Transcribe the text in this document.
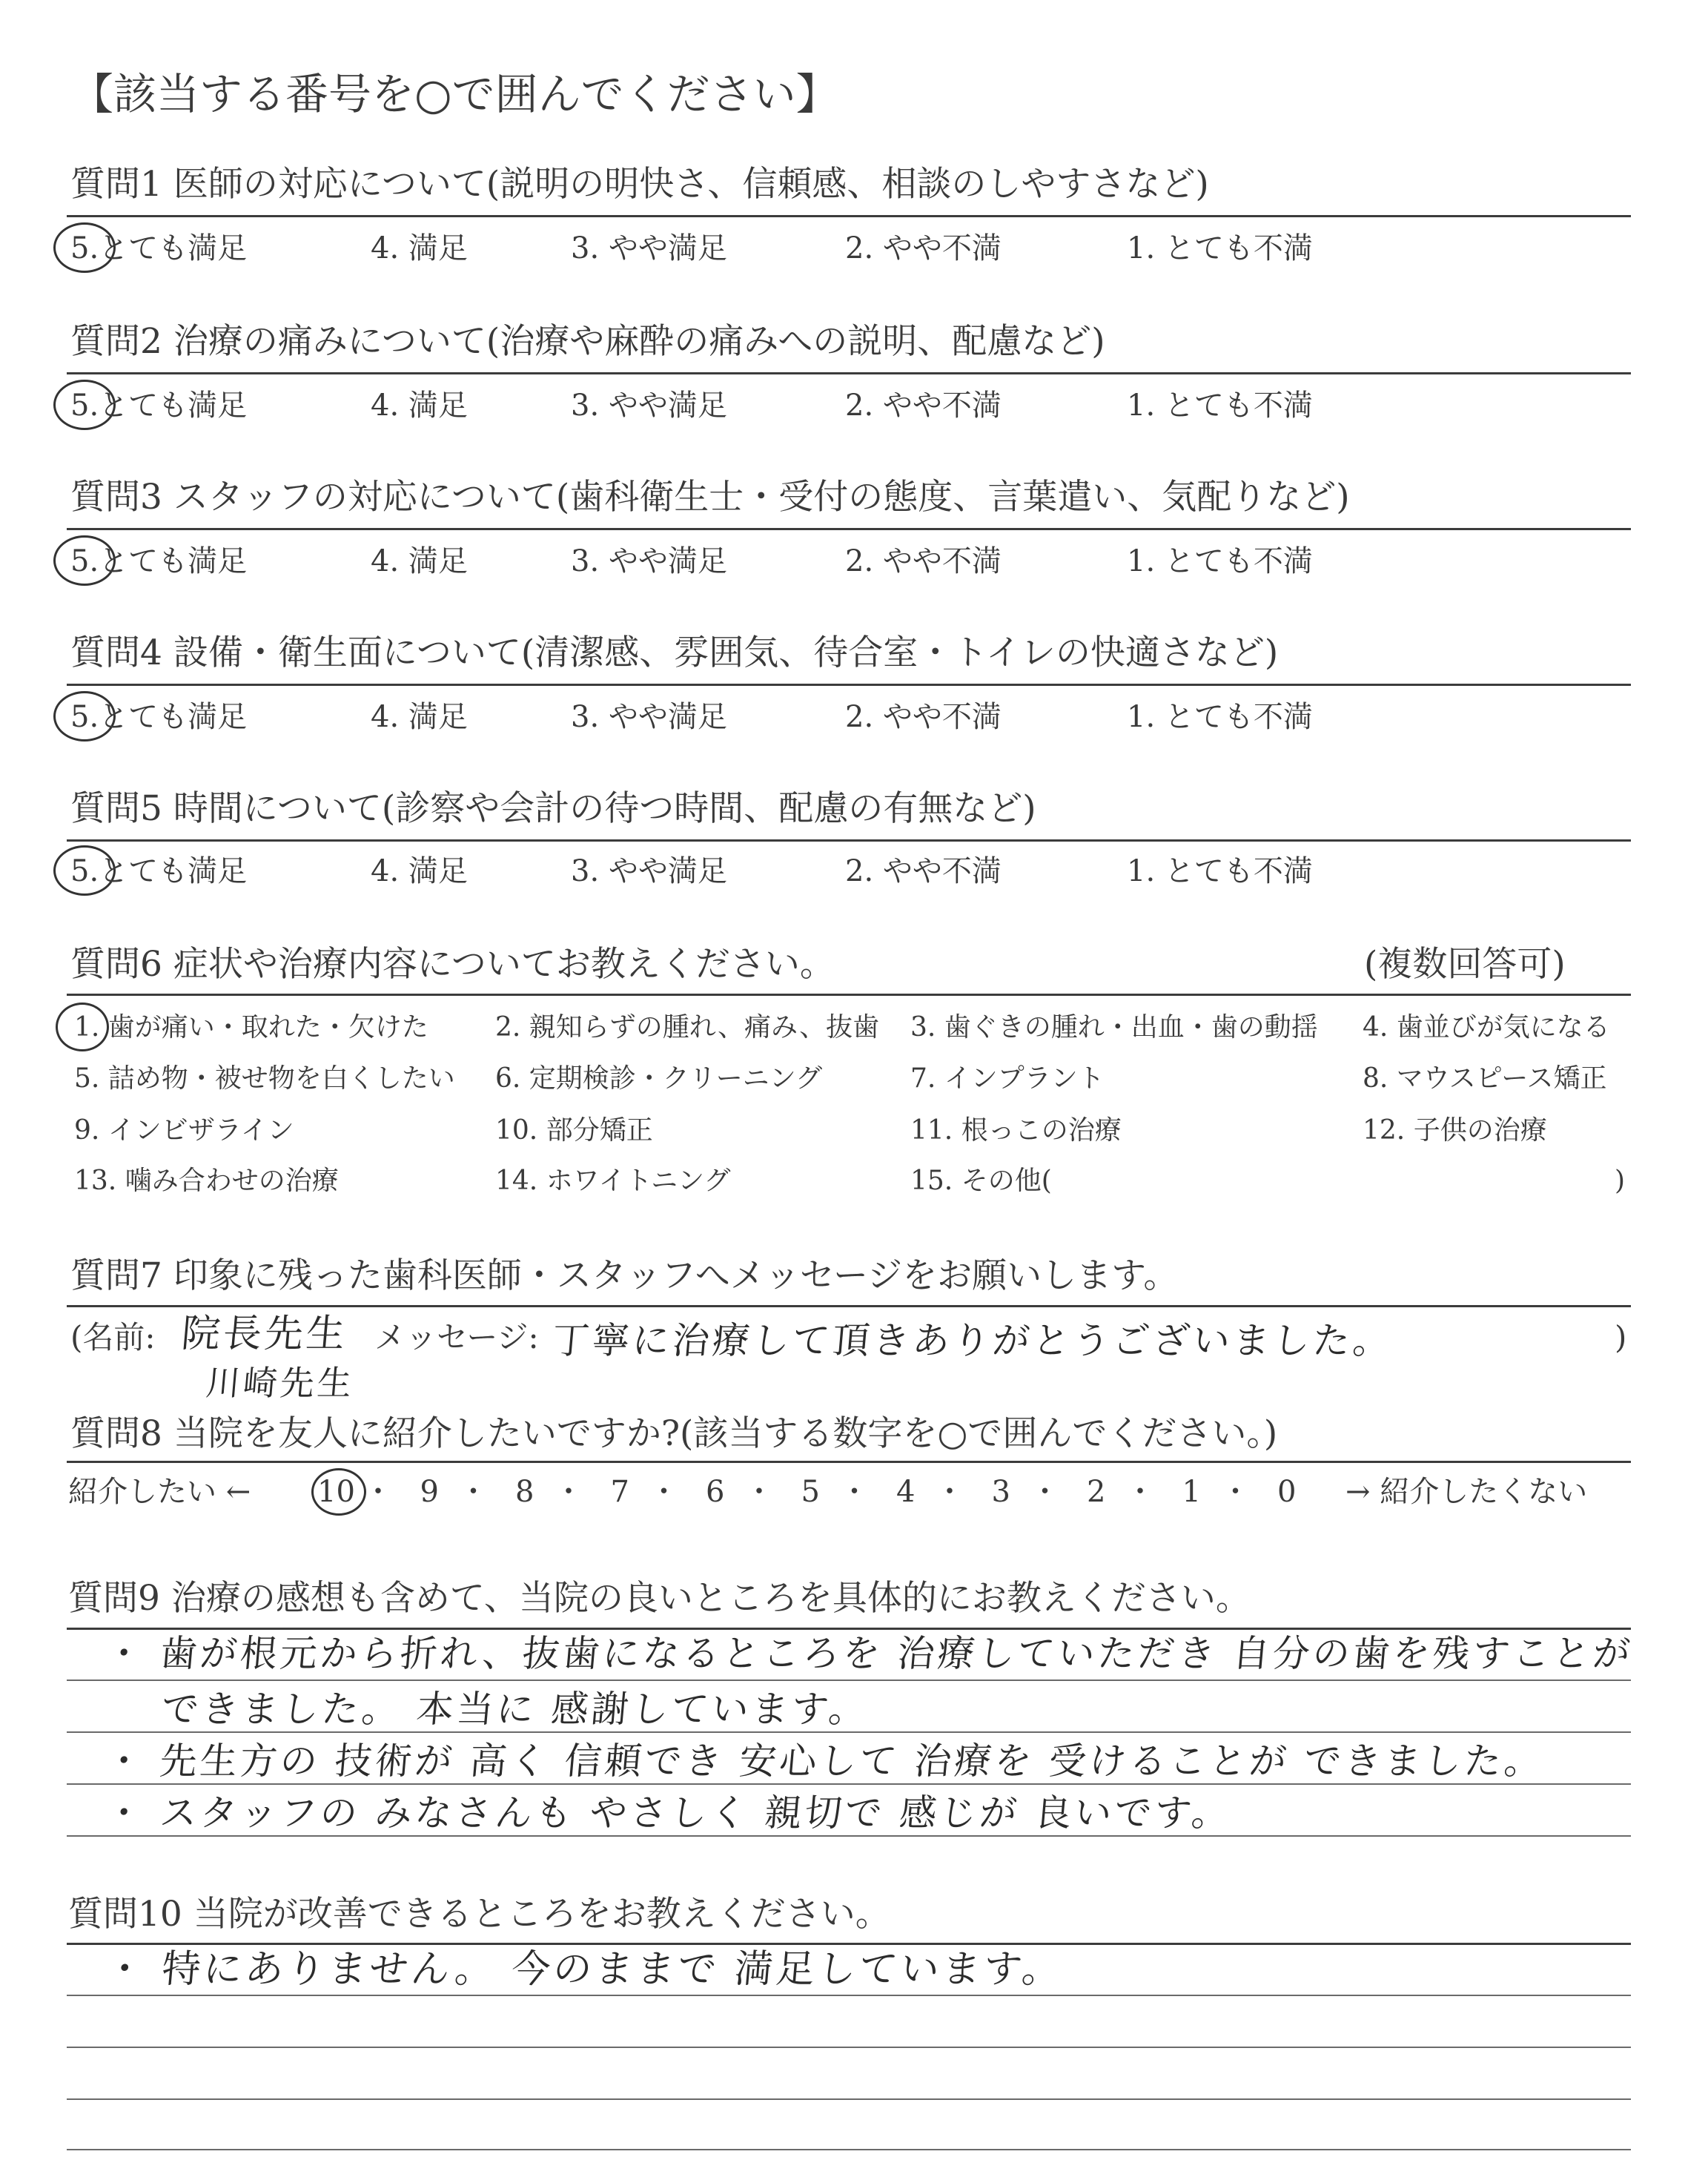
【該当する番号を○で囲んでください】
質問1 医師の対応について(説明の明快さ、信頼感、相談のしやすさなど)
5.とても満足	4. 満足	3. やや満足	2. やや不満	1. とても不満
質問2 治療の痛みについて(治療や麻酔の痛みへの説明、配慮など)
5.とても満足	4. 満足	3. やや満足	2. やや不満	1. とても不満
質問3 スタッフの対応について(歯科衛生士・受付の態度、言葉遣い、気配りなど)
5.とても満足	4. 満足	3. やや満足	2. やや不満	1. とても不満
質問4 設備・衛生面について(清潔感、雰囲気、待合室・トイレの快適さなど)
5.とても満足	4. 満足	3. やや満足	2. やや不満	1. とても不満
質問5 時間について(診察や会計の待つ時間、配慮の有無など)
5.とても満足	4. 満足	3. やや満足	2. やや不満	1. とても不満
質問6 症状や治療内容についてお教えください。	(複数回答可)
1. 歯が痛い・取れた・欠けた	2. 親知らずの腫れ、痛み、抜歯 3. 歯ぐきの腫れ・出血・歯の動揺 4. 歯並びが気になる
5. 詰め物・被せ物を白くしたい 6. 定期検診・クリーニング	7. インプラント	8. マウスピース矯正
9. インビザライン	10. 部分矯正	11. 根っこの治療	12. 子供の治療
13. 噛み合わせの治療	14. ホワイトニング	15. その他(	)
質問7 印象に残った歯科医師・スタッフへメッセージをお願いします。
(名前: 院長先生
川崎先生
メッセージ: 丁寧に治療して頂きありがとうございました。	)
質問8 当院を友人に紹介したいですか?(該当する数字を○で囲んでください。)
紹介したい ← 10 ・ 9 ・ 8 ・ 7 ・ 6 ・ 5 ・ 4 ・ 3 ・ 2 ・ 1 ・ 0 → 紹介したくない
質問9 治療の感想も含めて、当院の良いところを具体的にお教えください。
・ 歯が根元から折れ、抜歯になるところを 治療していただき 自分の歯を残すことが
できました。 本当に 感謝しています。
・ 先生方の 技術が 高く 信頼でき 安心して 治療を 受けることが できました。
・ スタッフの みなさんも やさしく 親切で 感じが 良いです。
質問10 当院が改善できるところをお教えください。
・ 特にありません。 今のままで 満足しています。
